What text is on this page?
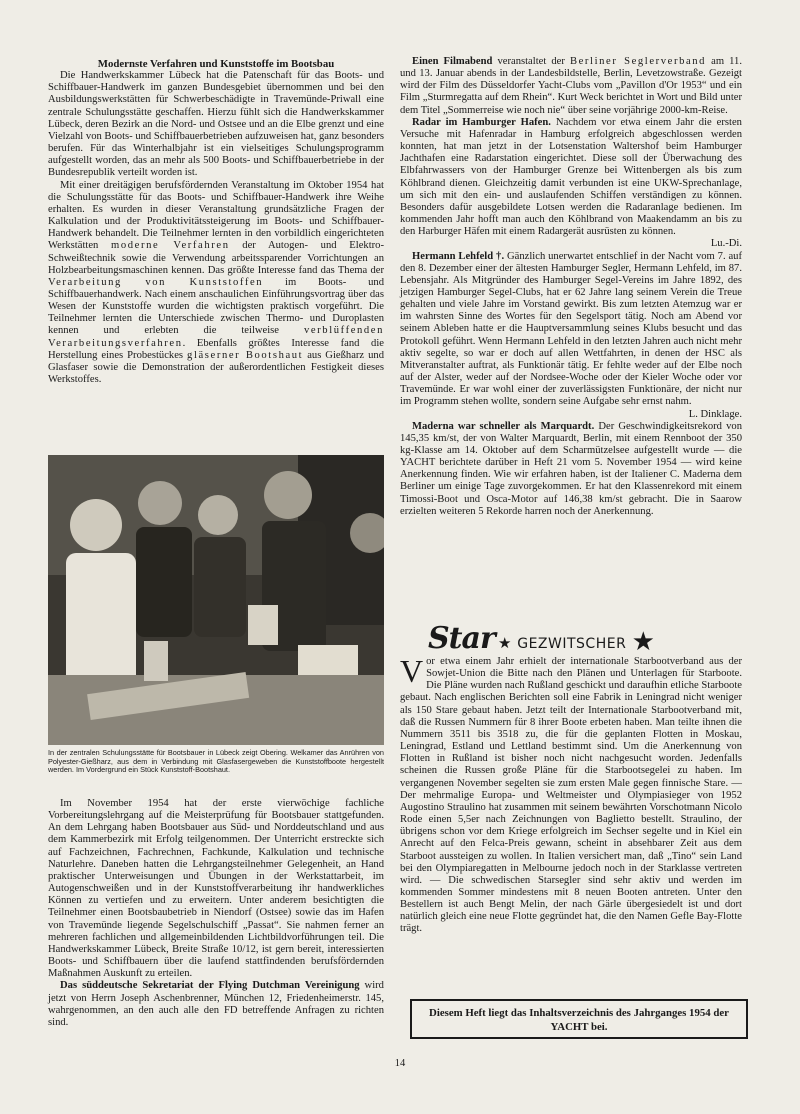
Modernste Verfahren und Kunststoffe im Bootsbau

Die Handwerkskammer Lübeck hat die Patenschaft für das Boots- und Schiffbauer-Handwerk im ganzen Bundesgebiet übernommen und bei den Ausbildungswerkstätten für Schwerbeschädigte in Travemünde-Priwall eine zentrale Schulungsstätte geschaffen. Hierzu fühlt sich die Handwerkskammer Lübeck, deren Bezirk an die Nord- und Ostsee und an die Elbe grenzt und eine Vielzahl von Boots- und Schiffbauerbetrieben aufzuweisen hat, ganz besonders berufen. Für das Winterhalbjahr ist ein vielseitiges Schulungsprogramm aufgestellt worden, das an mehr als 500 Boots- und Schiffbauerbetriebe in der Bundesrepublik verteilt worden ist.

Mit einer dreitägigen berufsfördernden Veranstaltung im Oktober 1954 hat die Schulungsstätte für das Boots- und Schiffbauer-Handwerk ihre Weihe erhalten. Es wurden in dieser Veranstaltung grundsätzliche Fragen der Kalkulation und der Produktivitätssteigerung im Boots- und Schiffbauer-Handwerk behandelt. Die Teilnehmer lernten in den vorbildlich eingerichteten Werkstätten moderne Verfahren der Autogen- und Elektro-Schweißtechnik sowie die Verwendung arbeitssparender Vorrichtungen an Holzbearbeitungsmaschinen kennen. Das größte Interesse fand das Thema der Verarbeitung von Kunststoffen im Boots- und Schiffbauerhandwerk. Nach einem anschaulichen Einführungsvortrag über das Wesen der Kunststoffe wurden die wichtigsten praktisch vorgeführt. Die Teilnehmer lernten die Unterschiede zwischen Thermo- und Duroplasten kennen und erlebten die teilweise verblüffenden Verarbeitungsverfahren. Ebenfalls größtes Interesse fand die Herstellung eines Probestückes gläserner Bootshaut aus Gießharz und Glasfaser sowie die Demonstration der außerordentlichen Festigkeit dieses Werkstoffes.

In der zentralen Schulungsstätte für Bootsbauer in Lübeck zeigt Obering. Welkamer das Anrühren von Polyester-Gießharz, aus dem in Verbindung mit Glasfasergeweben die Kunststoffboote hergestellt werden. Im Vordergrund ein Stück Kunststoff-Bootshaut.

Im November 1954 hat der erste vierwöchige fachliche Vorbereitungslehrgang auf die Meisterprüfung für Bootsbauer stattgefunden. An dem Lehrgang haben Bootsbauer aus Süd- und Norddeutschland und aus dem Kammerbezirk mit Erfolg teilgenommen. Der Unterricht erstreckte sich auf Fachzeichnen, Fachrechnen, Fachkunde, Kalkulation und technische Naturlehre. Daneben hatten die Lehrgangsteilnehmer Gelegenheit, an Hand praktischer Unterweisungen und Übungen in der Werkstattarbeit, im Autogenschweißen und in der Kunststoffverarbeitung ihr handwerkliches Können zu vertiefen und zu erweitern. Unter anderem besichtigten die Teilnehmer einen Bootsbaubetrieb in Niendorf (Ostsee) sowie das im Hafen von Travemünde liegende Segelschulschiff „Passat“. Sie nahmen ferner an mehreren fachlichen und allgemeinbildenden Lichtbildvorführungen teil. Die Handwerkskammer Lübeck, Breite Straße 10/12, ist gern bereit, interessierten Boots- und Schiffbauern über die laufend stattfindenden berufsfördernden Maßnahmen Auskunft zu erteilen.

Das süddeutsche Sekretariat der Flying Dutchman Vereinigung wird jetzt von Herrn Joseph Aschenbrenner, München 12, Friedenheimerstr. 145, wahrgenommen, an den auch alle den FD betreffende Anfragen zu richten sind.

Einen Filmabend veranstaltet der Berliner Seglerverband am 11. und 13. Januar abends in der Landesbildstelle, Berlin, Levetzowstraße. Gezeigt wird der Film des Düsseldorfer Yacht-Clubs vom „Pavillon d'Or 1953“ und ein Film „Sturmregatta auf dem Rhein“. Kurt Weck berichtet in Wort und Bild unter dem Titel „Sommerreise wie noch nie“ über seine vorjährige 2000-km-Reise.

Radar im Hamburger Hafen. Nachdem vor etwa einem Jahr die ersten Versuche mit Hafenradar in Hamburg erfolgreich abgeschlossen werden konnten, hat man jetzt in der Lotsenstation Waltershof beim Hamburger Jachthafen eine Radarstation eingerichtet. Diese soll der Überwachung des Elbfahrwassers von der Hamburger Grenze bei Wittenbergen als bis zum Köhlbrand dienen. Gleichzeitig damit verbunden ist eine UKW-Sprechanlage, um sich mit den ein- und auslaufenden Schiffen verständigen zu können. Besonders dafür ausgebildete Lotsen werden die Radaranlage bedienen. Im kommenden Jahr hofft man auch den Köhlbrand von Maakendamm an bis zu den Harburger Häfen mit einem Radargerät ausrüsten zu können.

Lu.-Di.

Hermann Lehfeld †. Gänzlich unerwartet entschlief in der Nacht vom 7. auf den 8. Dezember einer der ältesten Hamburger Segler, Hermann Lehfeld, im 87. Lebensjahr. Als Mitgründer des Hamburger Segel-Vereins im Jahre 1892, des jetzigen Hamburger Segel-Clubs, hat er 62 Jahre lang seinem Verein die Treue gehalten und viele Jahre im Vorstand gewirkt. Bis zum letzten Atemzug war er im wahrsten Sinne des Wortes für den Segelsport tätig. Noch am Abend vor seinem Ableben hatte er die Hauptversammlung seines Klubs besucht und das Protokoll geführt. Wenn Hermann Lehfeld in den letzten Jahren auch nicht mehr aktiv segelte, so war er doch auf allen Wettfahrten, in denen der HSC als Mitveranstalter auftrat, als Funktionär tätig. Er fehlte weder auf der Elbe noch auf der Alster, weder auf der Nordsee-Woche oder der Kieler Woche oder vor Travemünde. Er war wohl einer der zuverlässigsten Funktionäre, der nicht nur im Programm stehen wollte, sondern seine Aufgabe sehr ernst nahm.

L. Dinklage.

Maderna war schneller als Marquardt. Der Geschwindigkeitsrekord von 145,35 km/st, der von Walter Marquardt, Berlin, mit einem Rennboot der 350 kg-Klasse am 14. Oktober auf dem Scharmützelsee aufgestellt wurde — die YACHT berichtete darüber in Heft 21 vom 5. November 1954 — wird keine Anerkennung finden. Wie wir erfahren haben, ist der Italiener C. Maderna dem Berliner um einige Tage zuvorgekommen. Er hat den Klassenrekord mit einem Timossi-Boot und Osca-Motor auf 146,38 km/st gebracht. Die in Saarow erzielten weiteren 5 Rekorde harren noch der Anerkennung.

Star ★ GEZWITSCHER ★

Vor etwa einem Jahr erhielt der internationale Starbootverband aus der Sowjet-Union die Bitte nach den Plänen und Unterlagen für Starboote. Die Pläne wurden nach Rußland geschickt und daraufhin etliche Starboote gebaut. Nach englischen Berichten soll eine Fabrik in Leningrad nicht weniger als 150 Stare gebaut haben. Jetzt teilt der Internationale Starbootverband mit, daß die Russen Nummern für 8 ihrer Boote erbeten haben. Man teilte ihnen die Nummern 3511 bis 3518 zu, die für die geplanten Flotten in Moskau, Leningrad, Estland und Lettland bestimmt sind. Um die Anerkennung von Flotten in Rußland ist bisher noch nicht nachgesucht worden. Jedenfalls scheinen die Russen große Pläne für die Starbootsegelei zu haben. Im vergangenen November segelten sie zum ersten Male gegen finnische Stare. — Der mehrmalige Europa- und Weltmeister und Olympiasieger von 1952 Augostino Straulino hat zusammen mit seinem bewährten Vorschotmann Nicolo Rode einen 5,5er nach Zeichnungen von Baglietto bestellt. Straulino, der übrigens schon vor dem Kriege erfolgreich im Sechser segelte und in Kiel ein Anrecht auf den Felca-Preis gewann, scheint in absehbarer Zeit aus dem Starboot aussteigen zu wollen. In Italien versichert man, daß „Tino“ sein Land bei den Olympiaregatten in Melbourne jedoch noch in der Starklasse vertreten wird. — Die schwedischen Starsegler sind sehr aktiv und werden im kommenden Sommer mindestens mit 8 neuen Booten antreten. Unter den Bestellern ist auch Bengt Melin, der nach Gärle übergesiedelt ist und dort natürlich gleich eine neue Flotte gegründet hat, die den Namen Gefle Bay-Flotte trägt.

Diesem Heft liegt das Inhaltsverzeichnis des Jahrganges 1954 der YACHT bei.
14
